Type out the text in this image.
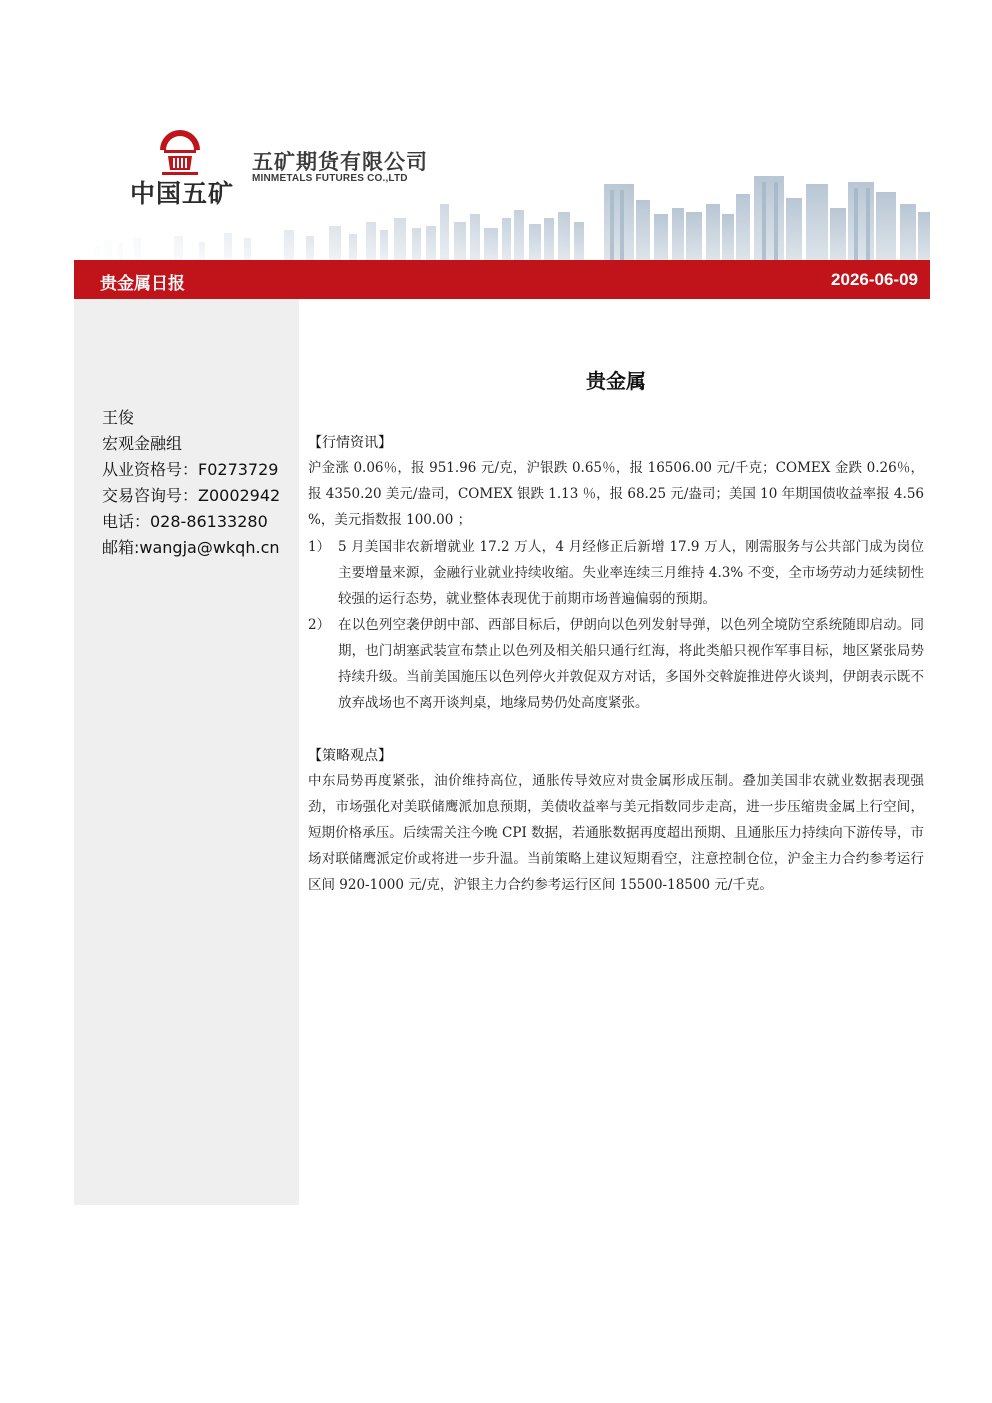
中国五矿
五矿期货有限公司
MINMETALS FUTURES CO.,LTD
贵金属日报	2026-06-09
王俊
宏观金融组
从业资格号：F0273729
交易咨询号：Z0002942
电话：028-86133280
邮箱:wangja@wkqh.cn
贵金属
【行情资讯】
沪金涨 0.06％，报 951.96 元/克，沪银跌 0.65％，报 16506.00 元/千克；COMEX 金跌 0.26％，报 4350.20 美元/盎司，COMEX 银跌 1.13 ％，报 68.25 元/盎司；美国 10 年期国债收益率报 4.56 %，美元指数报 100.00 ；
1） 5 月美国非农新增就业 17.2 万人，4 月经修正后新增 17.9 万人，刚需服务与公共部门成为岗位主要增量来源，金融行业就业持续收缩。失业率连续三月维持 4.3% 不变，全市场劳动力延续韧性较强的运行态势，就业整体表现优于前期市场普遍偏弱的预期。
2） 在以色列空袭伊朗中部、西部目标后，伊朗向以色列发射导弹，以色列全境防空系统随即启动。同期，也门胡塞武装宣布禁止以色列及相关船只通行红海，将此类船只视作军事目标，地区紧张局势持续升级。当前美国施压以色列停火并敦促双方对话，多国外交斡旋推进停火谈判，伊朗表示既不放弃战场也不离开谈判桌，地缘局势仍处高度紧张。
【策略观点】
中东局势再度紧张，油价维持高位，通胀传导效应对贵金属形成压制。叠加美国非农就业数据表现强劲，市场强化对美联储鹰派加息预期，美债收益率与美元指数同步走高，进一步压缩贵金属上行空间，短期价格承压。后续需关注今晚 CPI 数据，若通胀数据再度超出预期、且通胀压力持续向下游传导，市场对联储鹰派定价或将进一步升温。当前策略上建议短期看空，注意控制仓位，沪金主力合约参考运行区间 920-1000 元/克，沪银主力合约参考运行区间 15500-18500 元/千克。
